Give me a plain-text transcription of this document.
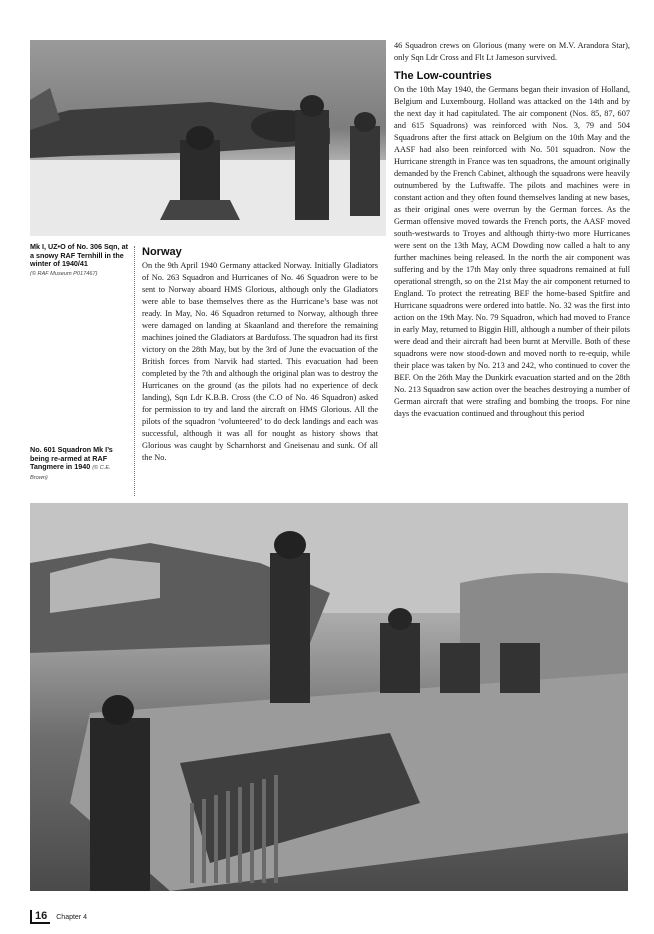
Mk I, UZ•O of No. 306 Sqn, at a snowy RAF Ternhill in the winter of 1940/41
(© RAF Museum P017467)
No. 601 Squadron Mk I’s being re-armed at RAF Tangmere in 1940 (© C.E. Brown)
Norway

On the 9th April 1940 Germany attacked Norway. Initially Gladiators of No. 263 Squadron and Hurricanes of No. 46 Squadron were to be sent to Norway aboard HMS Glorious, although only the Gladiators were able to base themselves there as the Hurricane’s base was not ready. In May, No. 46 Squadron returned to Norway, although three were damaged on landing at Skaanland and therefore the remaining machines joined the Gladiators at Bardufoss. The squadron had its first victory on the 28th May, but by the 3rd of June the evacuation of the British forces from Narvik had started. This evacuation had been completed by the 7th and although the original plan was to destroy the Hurricanes on the ground (as the pilots had no experience of deck landing), Sqn Ldr K.B.B. Cross (the C.O of No. 46 Squadron) asked for permission to try and land the aircraft on HMS Glorious. All the pilots of the squadron ‘volunteered’ to do deck landings and each was successful, although it was all for nought as history shows that Glorious was caught by Scharnhorst and Gneisenau and sunk. Of all the No.

46 Squadron crews on Glorious (many were on M.V. Arandora Star), only Sqn Ldr Cross and Flt Lt Jameson survived.

The Low-countries

On the 10th May 1940, the Germans began their invasion of Holland, Belgium and Luxembourg. Holland was attacked on the 14th and by the next day it had capitulated. The air component (Nos. 85, 87, 607 and 615 Squadrons) was reinforced with Nos. 3, 79 and 504 Squadrons after the first attack on Belgium on the 10th May and the AASF had also been reinforced with No. 501 squadron. Now the Hurricane strength in France was ten squadrons, the amount originally demanded by the French Cabinet, although the squadrons were heavily outnumbered by the Luftwaffe. The pilots and machines were in constant action and they often found themselves landing at new bases, as their original ones were overrun by the German forces. As the German offensive moved towards the French ports, the AASF moved south-westwards to Troyes and although thirty-two more Hurricanes were sent on the 13th May, ACM Dowding now called a halt to any further machines being released. In the north the air component was suffering and by the 17th May only three squadrons remained at full operational strength, so on the 21st May the air component returned to England. To protect the retreating BEF the home-based Spitfire and Hurricane squadrons were ordered into battle. No. 32 was the first into action on the 19th May. No. 79 Squadron, which had moved to France in early May, returned to Biggin Hill, although a number of their pilots were dead and their aircraft had been burnt at Merville. Both of these squadrons were now stood-down and moved north to re-equip, while their place was taken by No. 213 and 242, who continued to cover the BEF. On the 26th May the Dunkirk evacuation started and on the 28th No. 213 Squadron saw action over the beaches destroying a number of German aircraft that were strafing and bombing the troops. For nine days the evacuation continued and throughout this period

16	Chapter 4
